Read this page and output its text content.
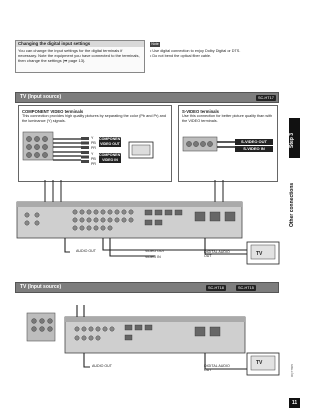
Step 3
Other connections
RQT7805
11
Changing the digital input settings
You can change the input settings for the digital terminals if necessary. Note the equipment you have connected to the terminals, then change the settings (➡ page 13).
Note
• Use digital connection to enjoy Dolby Digital or DTS.
• Do not bend the optical fiber cable.
TV (Input source)	SC-HT17
COMPONENT VIDEO terminals
This connection provides high quality pictures by separating the color (Pb and Pr) and the luminance (Y) signals.
Y
PB
PR
COMPONENT VIDEO OUT
Y
PB
PR
COMPONENT VIDEO IN
S-VIDEO terminals
Use this connection for better picture quality than with the VIDEO terminals.
S-VIDEO OUT
S-VIDEO IN
AUDIO OUT	VIDEO OUT
VIDEO IN
DIGITAL AUDIO OUT	TV
TV (Input source)	SC-HT18	SC-HT15
AUDIO OUT	DIGITAL AUDIO OUT
TV
